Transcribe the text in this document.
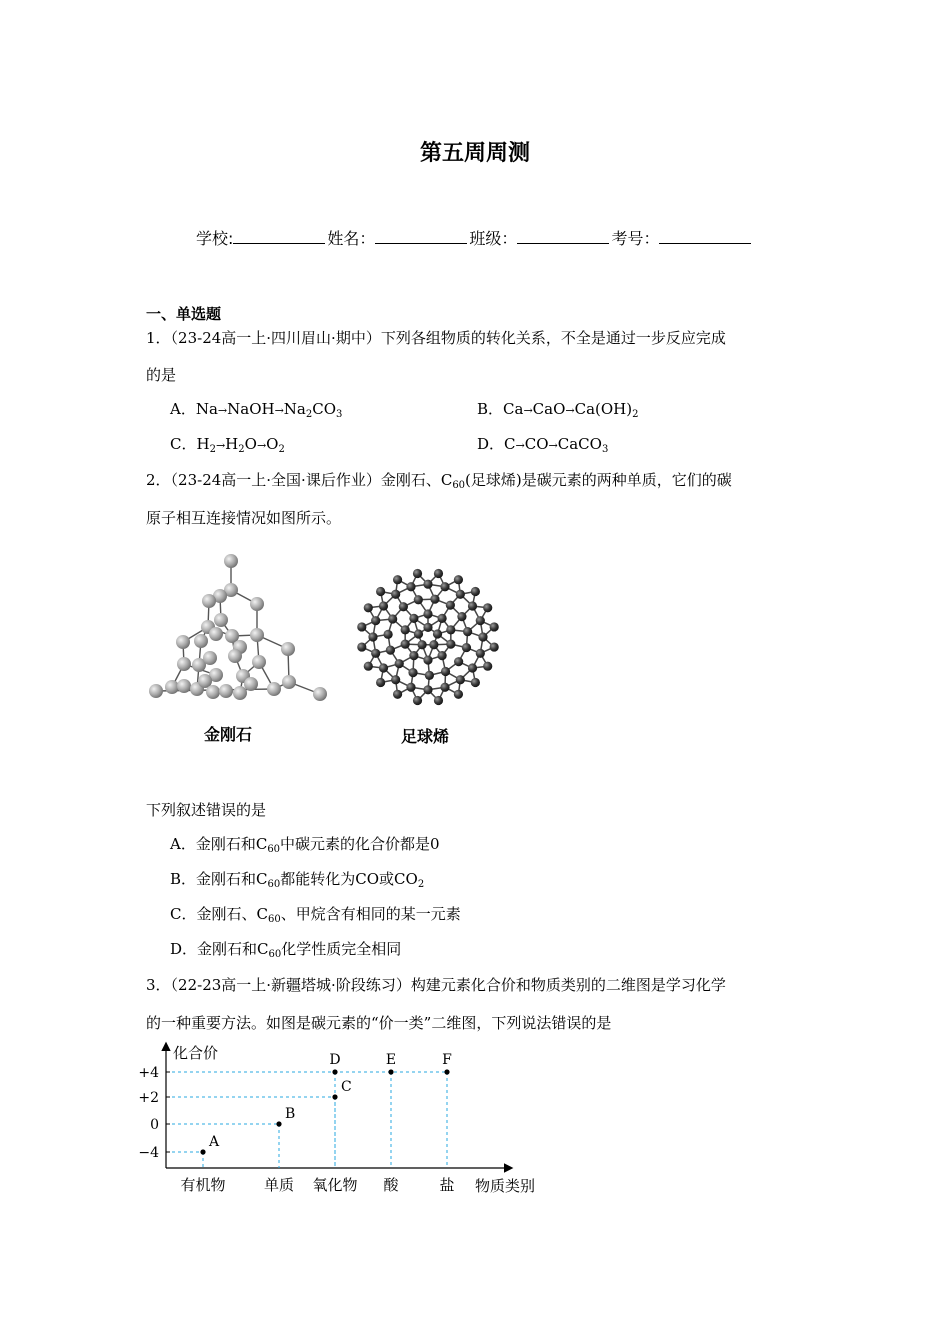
第五周周测
学校:	姓名：	班级：	考号：
一、单选题
1．（23-24高一上·四川眉山·期中）下列各组物质的转化关系，不全是通过一步反应完成
的是
A．$Na\to NaOH\to Na_2CO_3$	B．$Ca\to CaO\to Ca(OH)_2$
C．$H_2\to H_2O\to O_2$	D．C→CO→CaCO$_3$
2．（23-24高一上·全国·课后作业）金刚石、$C_{60}$(足球烯)是碳元素的两种单质，它们的碳
原子相互连接情况如图所示。
金刚石	足球烯
下列叙述错误的是
A．金刚石和$C_{60}$中碳元素的化合价都是0
B．金刚石和$C_{60}$都能转化为CO或$CO_2$
C．金刚石、$C_{60}$、甲烷含有相同的某一元素
D．金刚石和$C_{60}$化学性质完全相同
3．（22-23高一上·新疆塔城·阶段练习）构建元素化合价和物质类别的二维图是学习化学
的一种重要方法。如图是碳元素的“价一类”二维图，下列说法错误的是
化合价
物质类别
+4
+2
0
−4
有机物	单质 氧化物 酸	盐
A
B
C
D	E	F
